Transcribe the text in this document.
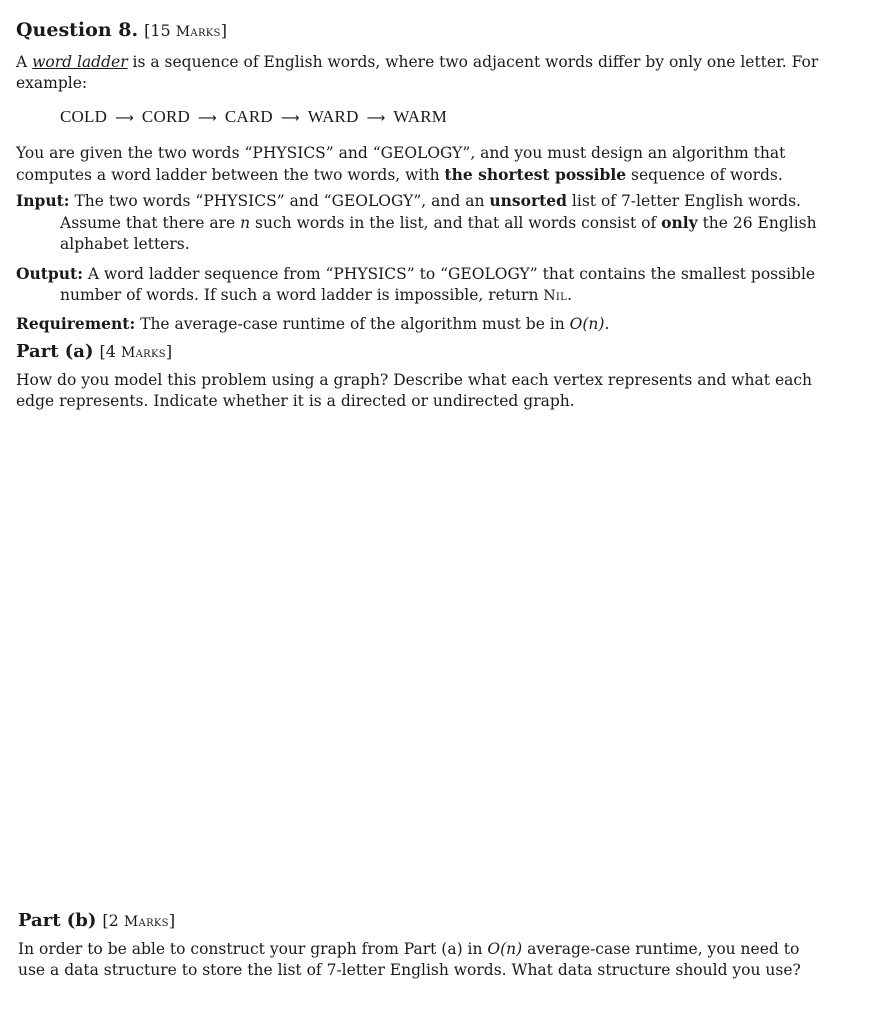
Question 8. [15 Marks]

A word ladder is a sequence of English words, where two adjacent words differ by only one letter. For example:

COLD ⟶ CORD ⟶ CARD ⟶ WARD ⟶ WARM

You are given the two words “PHYSICS” and “GEOLOGY”, and you must design an algorithm that computes a word ladder between the two words, with the shortest possible sequence of words.

Input: The two words “PHYSICS” and “GEOLOGY”, and an unsorted list of 7-letter English words. Assume that there are n such words in the list, and that all words consist of only the 26 English alphabet letters.

Output: A word ladder sequence from “PHYSICS” to “GEOLOGY” that contains the smallest possible number of words. If such a word ladder is impossible, return Nil.

Requirement: The average-case runtime of the algorithm must be in O(n).

Part (a) [4 Marks]

How do you model this problem using a graph? Describe what each vertex represents and what each edge represents. Indicate whether it is a directed or undirected graph.

Part (b) [2 Marks]

In order to be able to construct your graph from Part (a) in O(n) average-case runtime, you need to use a data structure to store the list of 7-letter English words. What data structure should you use?
